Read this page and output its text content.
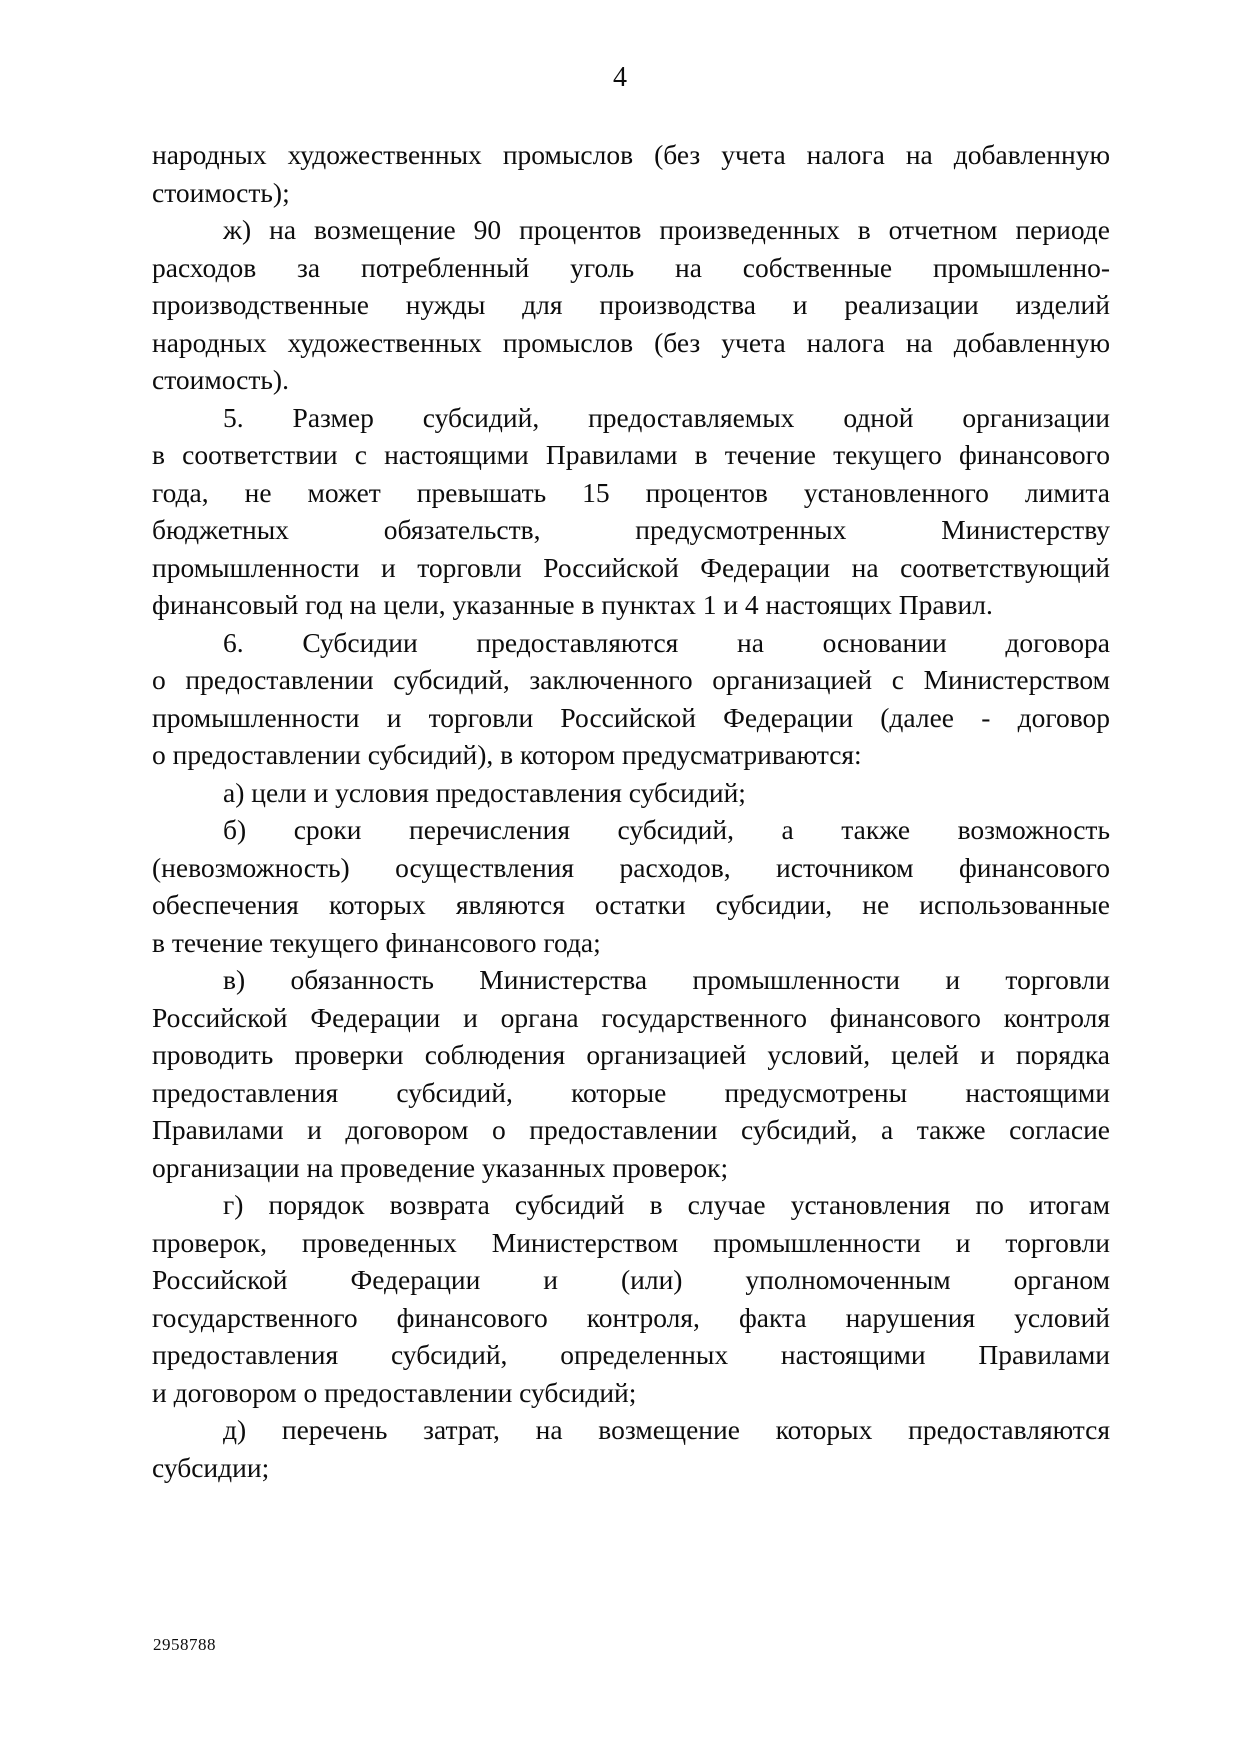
4
народных художественных промыслов (без учета налога на добавленную
стоимость);
ж) на возмещение 90 процентов произведенных в отчетном периоде
расходов за потребленный уголь на собственные промышленно-
производственные нужды для производства и реализации изделий
народных художественных промыслов (без учета налога на добавленную
стоимость).
5. Размер субсидий, предоставляемых одной организации
в соответствии с настоящими Правилами в течение текущего финансового
года, не может превышать 15 процентов установленного лимита
бюджетных обязательств, предусмотренных Министерству
промышленности и торговли Российской Федерации на соответствующий
финансовый год на цели, указанные в пунктах 1 и 4 настоящих Правил.
6. Субсидии предоставляются на основании договора
о предоставлении субсидий, заключенного организацией с Министерством
промышленности и торговли Российской Федерации (далее - договор
о предоставлении субсидий), в котором предусматриваются:
а) цели и условия предоставления субсидий;
б) сроки перечисления субсидий, а также возможность
(невозможность) осуществления расходов, источником финансового
обеспечения которых являются остатки субсидии, не использованные
в течение текущего финансового года;
в) обязанность Министерства промышленности и торговли
Российской Федерации и органа государственного финансового контроля
проводить проверки соблюдения организацией условий, целей и порядка
предоставления субсидий, которые предусмотрены настоящими
Правилами и договором о предоставлении субсидий, а также согласие
организации на проведение указанных проверок;
г) порядок возврата субсидий в случае установления по итогам
проверок, проведенных Министерством промышленности и торговли
Российской Федерации и (или) уполномоченным органом
государственного финансового контроля, факта нарушения условий
предоставления субсидий, определенных настоящими Правилами
и договором о предоставлении субсидий;
д) перечень затрат, на возмещение которых предоставляются
субсидии;
2958788
